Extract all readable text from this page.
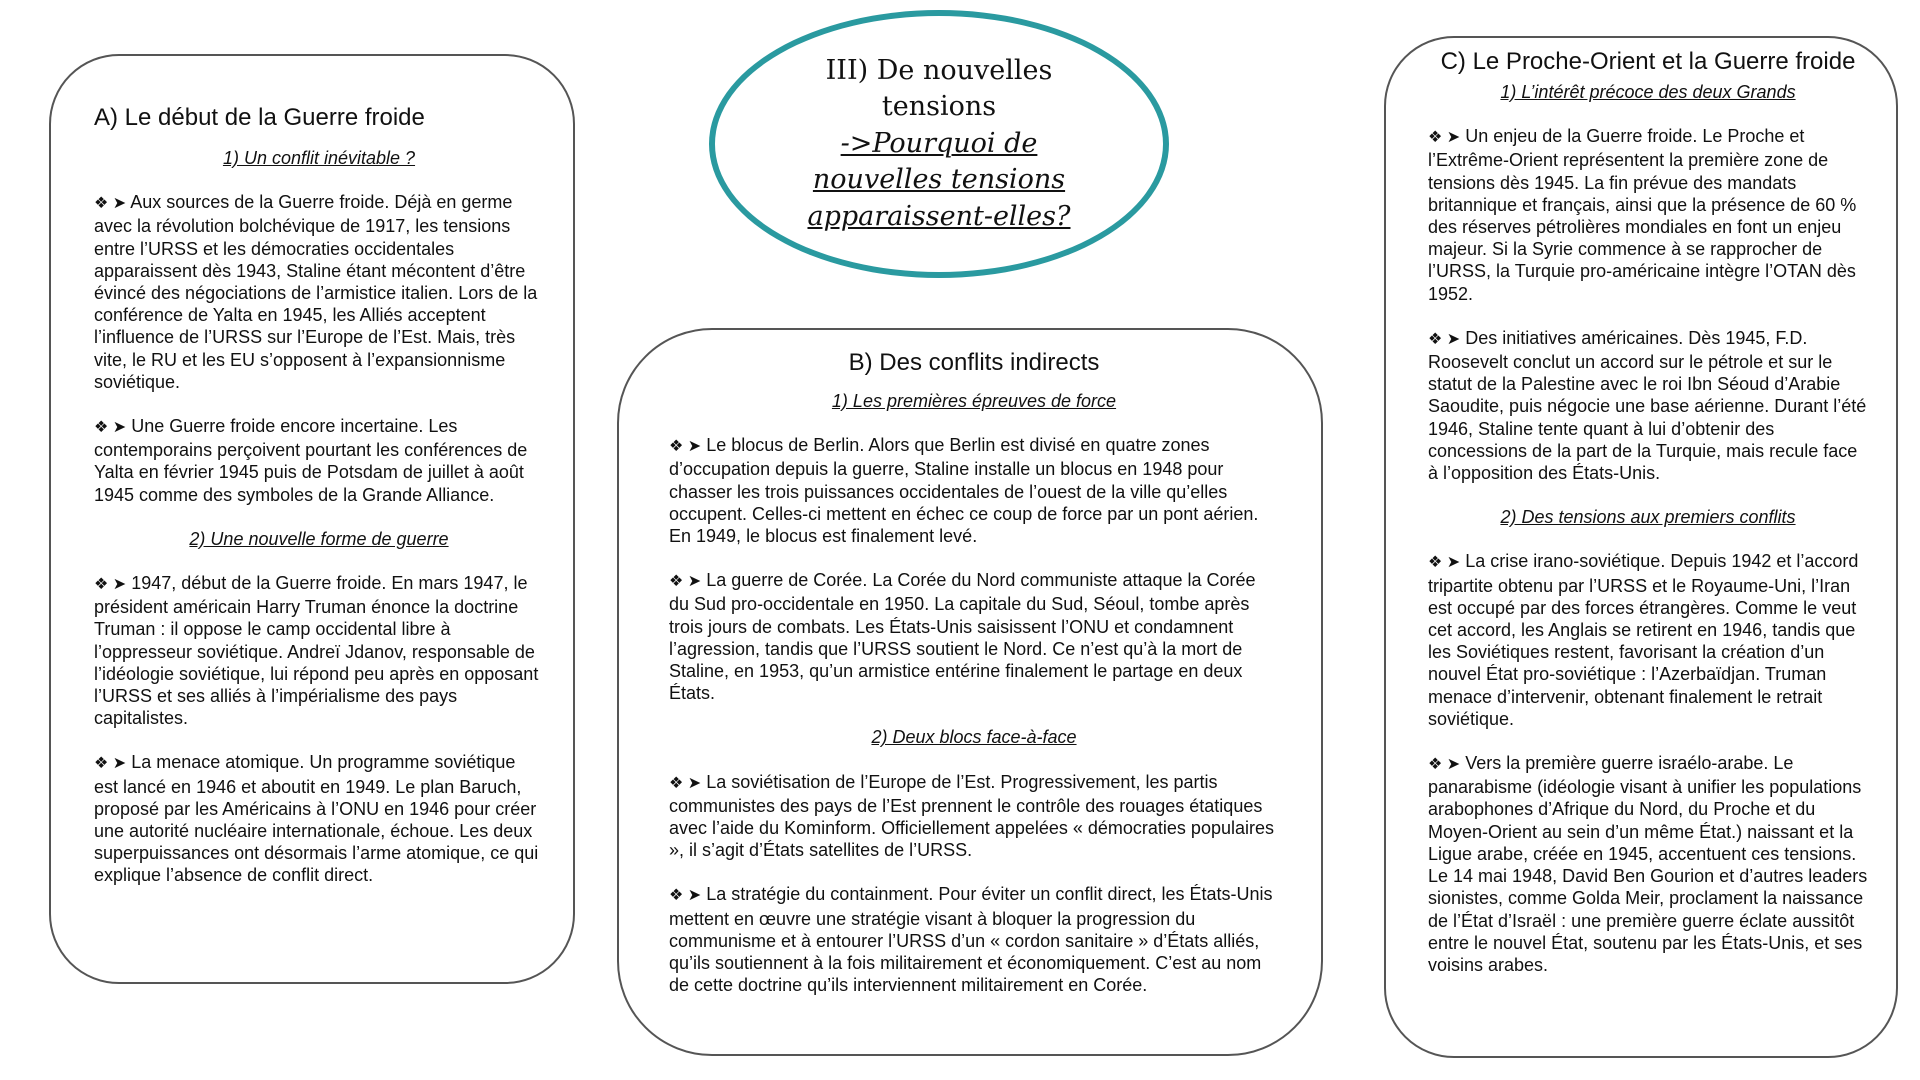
A) Le début de la Guerre froide
1) Un conflit inévitable ?
❖ ➤ Aux sources de la Guerre froide. Déjà en germe avec la révolution bolchévique de 1917, les tensions entre l’URSS et les démocraties occidentales apparaissent dès 1943, Staline étant mécontent d’être évincé des négociations de l’armistice italien. Lors de la conférence de Yalta en 1945, les Alliés acceptent l’influence de l’URSS sur l’Europe de l’Est. Mais, très vite, le RU et les EU s’opposent à l’expansionnisme soviétique.
❖ ➤ Une Guerre froide encore incertaine. Les contemporains perçoivent pourtant les conférences de Yalta en février 1945 puis de Potsdam de juillet à août 1945 comme des symboles de la Grande Alliance.
2) Une nouvelle forme de guerre
❖ ➤ 1947, début de la Guerre froide. En mars 1947, le président américain Harry Truman énonce la doctrine Truman : il oppose le camp occidental libre à l’oppresseur soviétique. Andreï Jdanov, responsable de l’idéologie soviétique, lui répond peu après en opposant l’URSS et ses alliés à l’impérialisme des pays capitalistes.
❖ ➤ La menace atomique. Un programme soviétique est lancé en 1946 et aboutit en 1949. Le plan Baruch, proposé par les Américains à l’ONU en 1946 pour créer une autorité nucléaire internationale, échoue. Les deux superpuissances ont désormais l’arme atomique, ce qui explique l’absence de conflit direct.
III) De nouvelles
tensions
->Pourquoi de
nouvelles tensions
apparaissent-elles?
B) Des conflits indirects
1) Les premières épreuves de force
❖ ➤ Le blocus de Berlin. Alors que Berlin est divisé en quatre zones d’occupation depuis la guerre, Staline installe un blocus en 1948 pour chasser les trois puissances occidentales de l’ouest de la ville qu’elles occupent. Celles-ci mettent en échec ce coup de force par un pont aérien. En 1949, le blocus est finalement levé.
❖ ➤ La guerre de Corée. La Corée du Nord communiste attaque la Corée du Sud pro-occidentale en 1950. La capitale du Sud, Séoul, tombe après trois jours de combats. Les États-Unis saisissent l’ONU et condamnent l’agression, tandis que l’URSS soutient le Nord. Ce n’est qu’à la mort de Staline, en 1953, qu’un armistice entérine finalement le partage en deux États.
2) Deux blocs face-à-face
❖ ➤ La soviétisation de l’Europe de l’Est. Progressivement, les partis communistes des pays de l’Est prennent le contrôle des rouages étatiques avec l’aide du Kominform. Officiellement appelées « démocraties populaires », il s’agit d’États satellites de l’URSS.
❖ ➤ La stratégie du containment. Pour éviter un conflit direct, les États-Unis mettent en œuvre une stratégie visant à bloquer la progression du communisme et à entourer l’URSS d’un « cordon sanitaire » d’États alliés, qu’ils soutiennent à la fois militairement et économiquement. C’est au nom de cette doctrine qu’ils interviennent militairement en Corée.
C) Le Proche-Orient et la Guerre froide
1) L’intérêt précoce des deux Grands
❖ ➤ Un enjeu de la Guerre froide. Le Proche et l’Extrême-Orient représentent la première zone de tensions dès 1945. La fin prévue des mandats britannique et français, ainsi que la présence de 60 % des réserves pétrolières mondiales en font un enjeu majeur. Si la Syrie commence à se rapprocher de l’URSS, la Turquie pro-américaine intègre l’OTAN dès 1952.
❖ ➤ Des initiatives américaines. Dès 1945, F.D. Roosevelt conclut un accord sur le pétrole et sur le statut de la Palestine avec le roi Ibn Séoud d’Arabie Saoudite, puis négocie une base aérienne. Durant l’été 1946, Staline tente quant à lui d’obtenir des concessions de la part de la Turquie, mais recule face à l’opposition des États-Unis.
2) Des tensions aux premiers conflits
❖ ➤ La crise irano-soviétique. Depuis 1942 et l’accord tripartite obtenu par l’URSS et le Royaume-Uni, l’Iran est occupé par des forces étrangères. Comme le veut cet accord, les Anglais se retirent en 1946, tandis que les Soviétiques restent, favorisant la création d’un nouvel État pro-soviétique : l’Azerbaïdjan. Truman menace d’intervenir, obtenant finalement le retrait soviétique.
❖ ➤ Vers la première guerre israélo-arabe. Le panarabisme (idéologie visant à unifier les populations arabophones d’Afrique du Nord, du Proche et du Moyen-Orient au sein d’un même État.) naissant et la Ligue arabe, créée en 1945, accentuent ces tensions. Le 14 mai 1948, David Ben Gourion et d’autres leaders sionistes, comme Golda Meir, proclament la naissance de l’État d’Israël : une première guerre éclate aussitôt entre le nouvel État, soutenu par les États-Unis, et ses voisins arabes.
